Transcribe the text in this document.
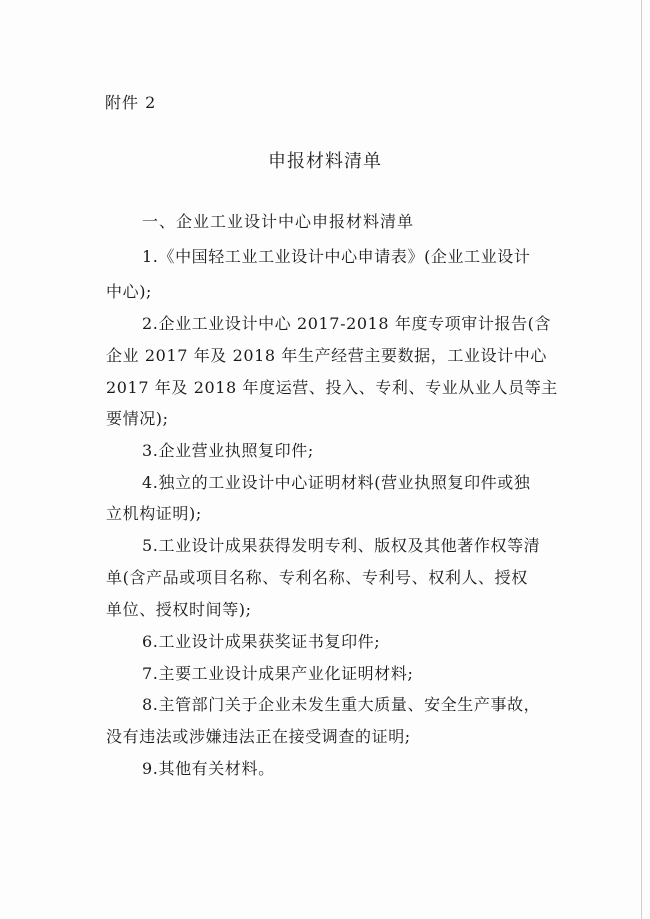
附件 2
申报材料清单
一、企业工业设计中心申报材料清单
1.《中国轻工业工业设计中心申请表》(企业工业设计
中心);
2.企业工业设计中心 2017-2018 年度专项审计报告(含
企业 2017 年及 2018 年生产经营主要数据，工业设计中心
2017 年及 2018 年度运营、投入、专利、专业从业人员等主
要情况);
3.企业营业执照复印件;
4.独立的工业设计中心证明材料(营业执照复印件或独
立机构证明);
5.工业设计成果获得发明专利、版权及其他著作权等清
单(含产品或项目名称、专利名称、专利号、权利人、授权
单位、授权时间等);
6.工业设计成果获奖证书复印件;
7.主要工业设计成果产业化证明材料;
8.主管部门关于企业未发生重大质量、安全生产事故，
没有违法或涉嫌违法正在接受调查的证明;
9.其他有关材料。
